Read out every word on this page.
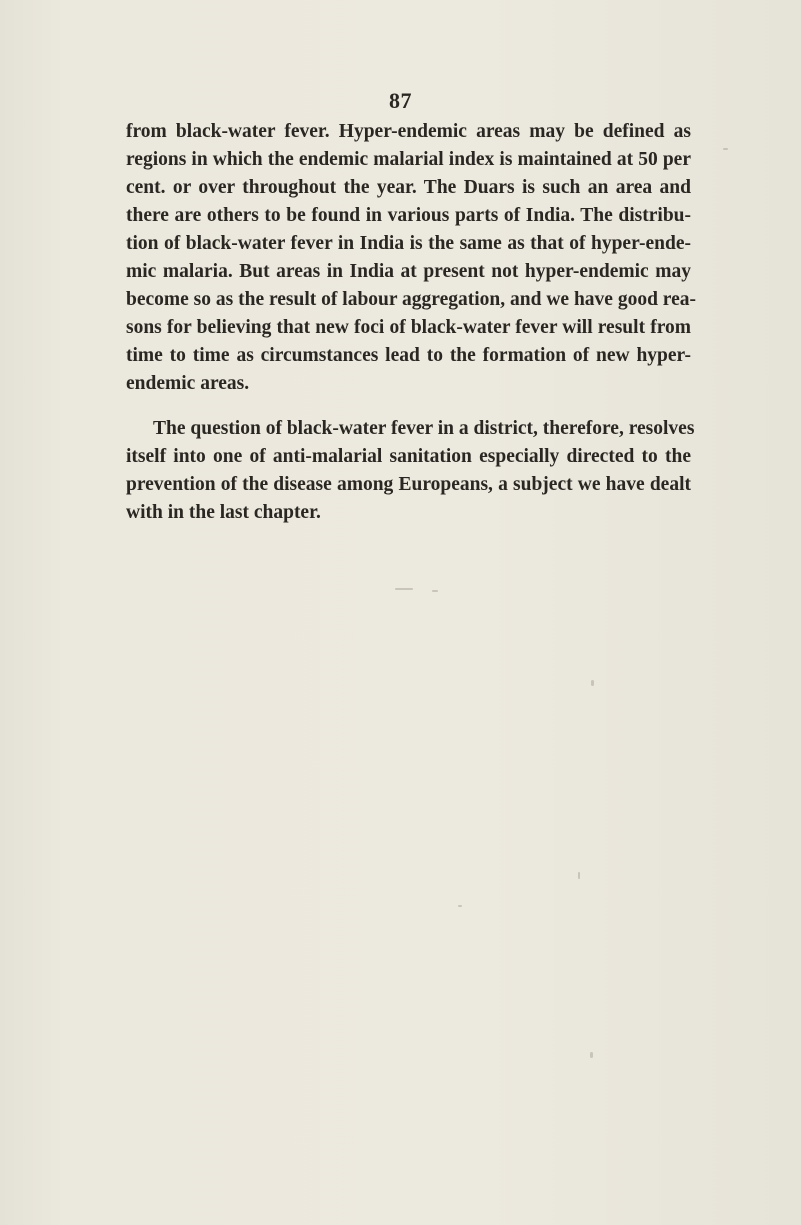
87
from black-water fever. Hyper-endemic areas may be defined as
regions in which the endemic malarial index is maintained at 50 per
cent. or over throughout the year. The Duars is such an area and
there are others to be found in various parts of India. The distribu-
tion of black-water fever in India is the same as that of hyper-ende-
mic malaria. But areas in India at present not hyper-endemic may
become so as the result of labour aggregation, and we have good rea-
sons for believing that new foci of black-water fever will result from
time to time as circumstances lead to the formation of new hyper-
endemic areas.
The question of black-water fever in a district, therefore, resolves
itself into one of anti-malarial sanitation especially directed to the
prevention of the disease among Europeans, a subject we have dealt
with in the last chapter.
